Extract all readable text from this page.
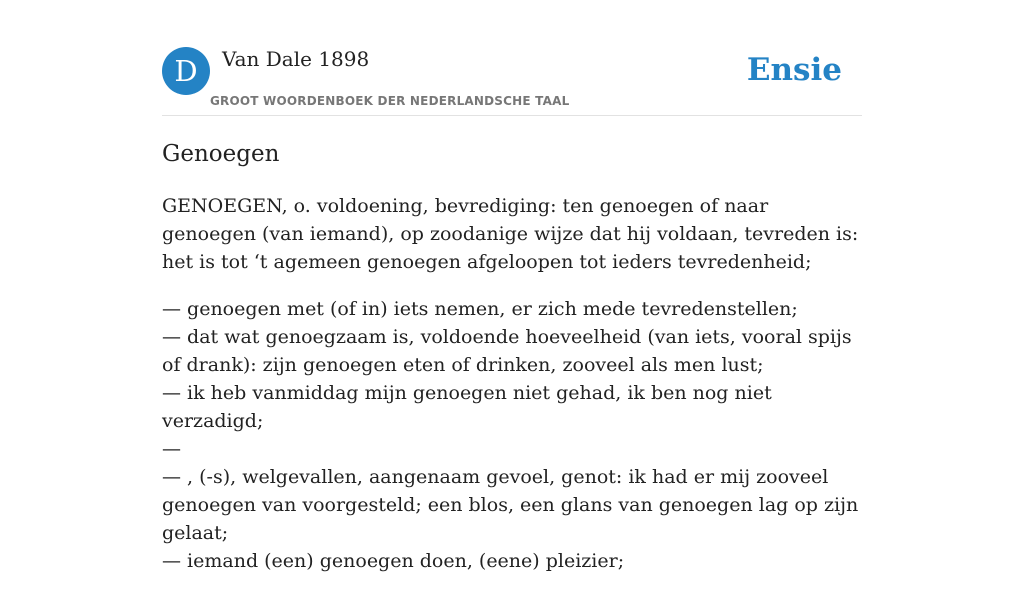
D	Van Dale 1898
GROOT WOORDENBOEK DER NEDERLANDSCHE TAAL
Ensie
Genoegen

GENOEGEN, o. voldoening, bevrediging: ten genoegen of naar genoegen (van iemand), op zoodanige wijze dat hij voldaan, tevreden is: het is tot ‘t agemeen genoegen afgeloopen tot ieders tevredenheid;

— genoegen met (of in) iets nemen, er zich mede tevredenstellen;
— dat wat genoegzaam is, voldoende hoeveelheid (van iets, vooral spijs of drank): zijn genoegen eten of drinken, zooveel als men lust;
— ik heb vanmiddag mijn genoegen niet gehad, ik ben nog niet verzadigd;
—
— , (-s), welgevallen, aangenaam gevoel, genot: ik had er mij zooveel genoegen van voorgesteld; een blos, een glans van genoegen lag op zijn gelaat;
— iemand (een) genoegen doen, (eene) pleizier;
